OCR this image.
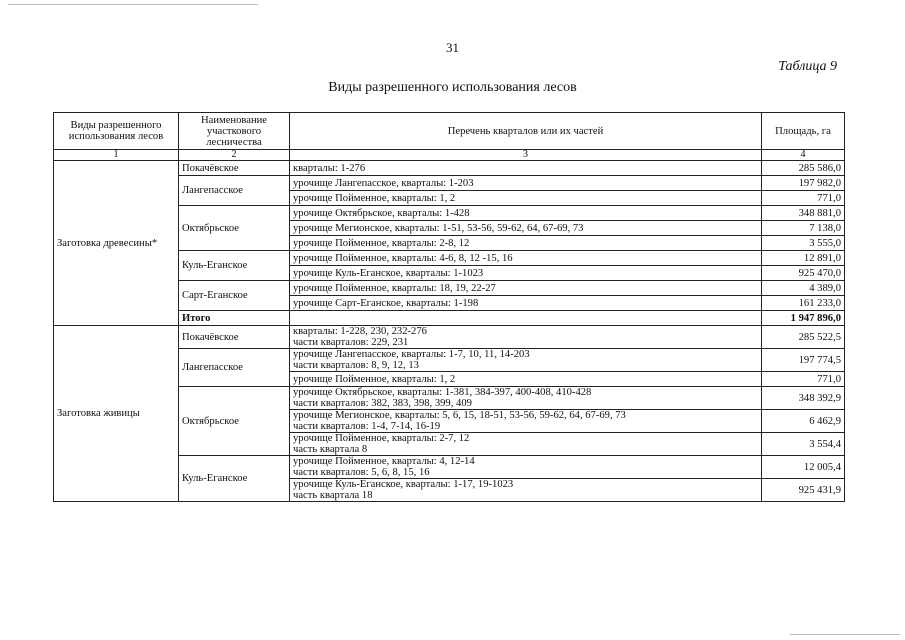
31
Таблица 9
Виды разрешенного использования лесов
Виды разрешенного использования лесов	Наименование участкового лесничества	Перечень кварталов или их частей	Площадь, га
1	2	3	4
Заготовка древесины*	Покачёвское	кварталы: 1-276	285 586,0
	Лангепасское	урочище Лангепасское, кварталы: 1-203	197 982,0

		урочище Пойменное, кварталы: 1, 2	771,0
	Октябрьское	урочище Октябрьское, кварталы: 1-428	348 881,0

		урочище Мегионское, кварталы: 1-51, 53-56, 59-62, 64, 67-69, 73	7 138,0

		урочище Пойменное, кварталы: 2-8, 12	3 555,0
	Куль-Еганское	урочище Пойменное, кварталы: 4-6, 8, 12 -15, 16	12 891,0

		урочище Куль-Еганское, кварталы: 1-1023	925 470,0
	Сарт-Еганское	урочище Пойменное, кварталы: 18, 19, 22-27	4 389,0

		урочище Сарт-Еганское, кварталы: 1-198	161 233,0
	Итого		1 947 896,0
Заготовка живицы	Покачёвское	кварталы: 1-228, 230, 232-276
части кварталов: 229, 231	285 522,5
	Лангепасское	урочище Лангепасское, кварталы: 1-7, 10, 11, 14-203
части кварталов: 8, 9, 12, 13	197 774,5

		урочище Пойменное, кварталы: 1, 2	771,0
	Октябрьское	урочище Октябрьское, кварталы: 1-381, 384-397, 400-408, 410-428
части кварталов: 382, 383, 398, 399, 409	348 392,9

		урочище Мегионское, кварталы: 5, 6, 15, 18-51, 53-56, 59-62, 64, 67-69, 73
части кварталов: 1-4, 7-14, 16-19	6 462,9

		урочище Пойменное, кварталы: 2-7, 12
часть квартала 8	3 554,4
	Куль-Еганское	урочище Пойменное, кварталы: 4, 12-14
части кварталов: 5, 6, 8, 15, 16	12 005,4

		урочище Куль-Еганское, кварталы: 1-17, 19-1023
часть квартала 18	925 431,9
